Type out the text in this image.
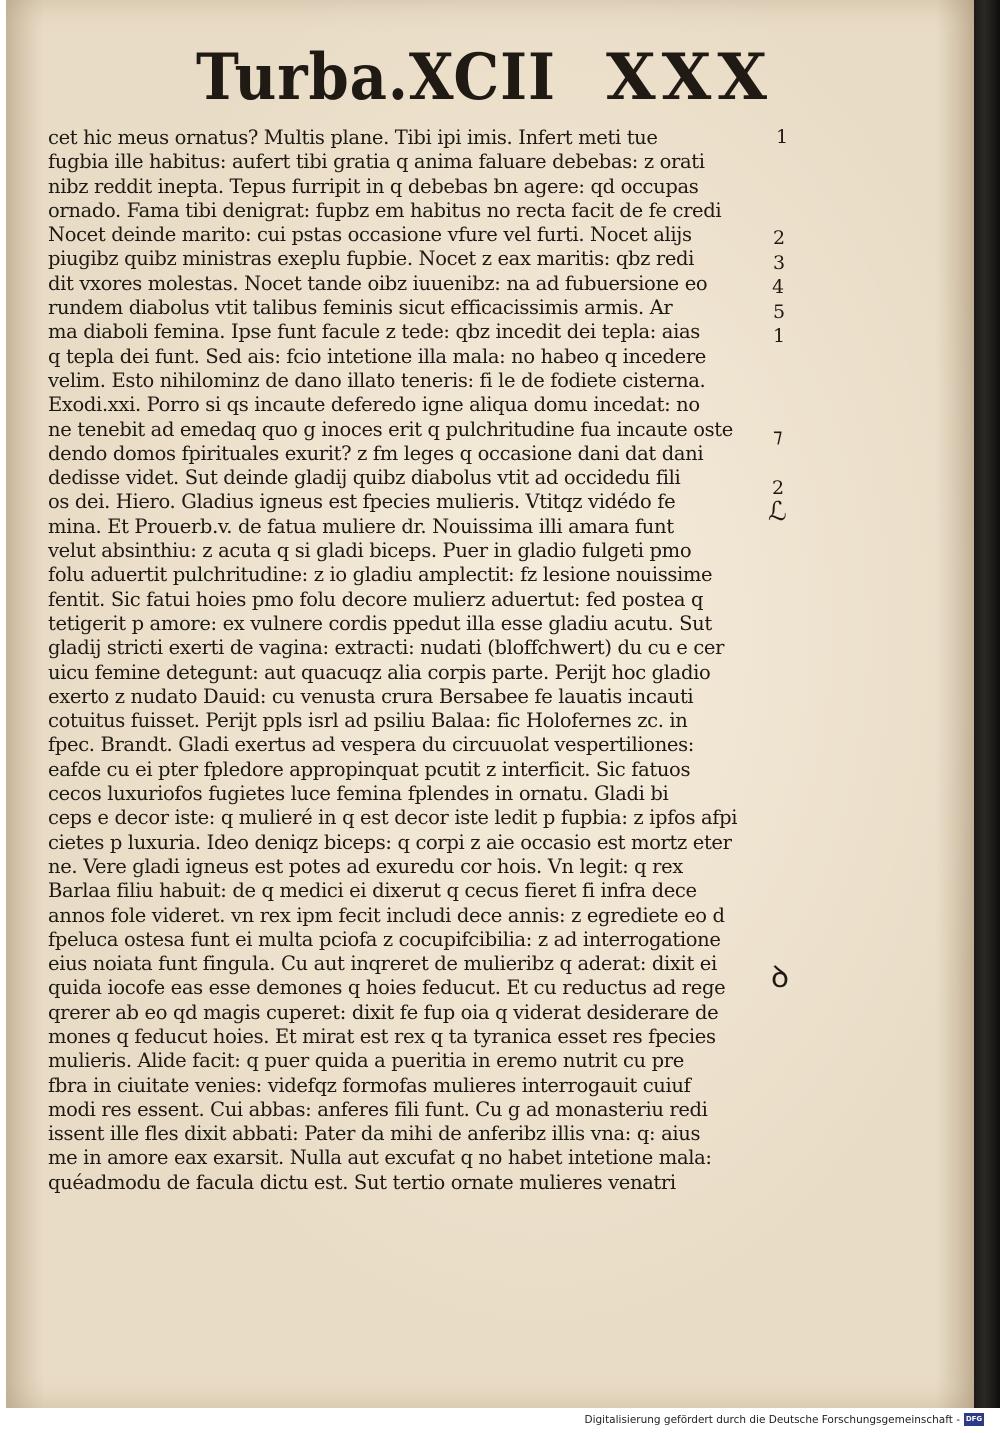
Turba.XCII XXX
cet hic meus ornatus? Multis plane. Tibi ipi imis. Infert meti tue
fugbia ille habitus: aufert tibi gratia q anima faluare debebas: z orati
nibz reddit inepta. Tepus furripit in q debebas bn agere: qd occupas
ornado. Fama tibi denigrat: fupbz em habitus no recta facit de fe credi
Nocet deinde marito: cui pstas occasione vfure vel furti. Nocet alijs
piugibz quibz ministras exeplu fupbie. Nocet z eax maritis: qbz redi
dit vxores molestas. Nocet tande oibz iuuenibz: na ad fubuersione eo
rundem diabolus vtit talibus feminis sicut efficacissimis armis. Ar
ma diaboli femina. Ipse funt facule z tede: qbz incedit dei tepla: aias
q tepla dei funt. Sed ais: fcio intetione illa mala: no habeo q incedere
velim. Esto nihilominz de dano illato teneris: fi le de fodiete cisterna.
Exodi.xxi. Porro si qs incaute deferedo igne aliqua domu incedat: no
ne tenebit ad emedaq quo g inoces erit q pulchritudine fua incaute oste
dendo domos fpirituales exurit? z fm leges q occasione dani dat dani
dedisse videt. Sut deinde gladij quibz diabolus vtit ad occidedu fili
os dei. Hiero. Gladius igneus est fpecies mulieris. Vtitqz vidédo fe
mina. Et Prouerb.v. de fatua muliere dr. Nouissima illi amara funt
velut absinthiu: z acuta q si gladi biceps. Puer in gladio fulgeti pmo
folu aduertit pulchritudine: z io gladiu amplectit: fz lesione nouissime
fentit. Sic fatui hoies pmo folu decore mulierz aduertut: fed postea q
tetigerit p amore: ex vulnere cordis ppedut illa esse gladiu acutu. Sut
gladij stricti exerti de vagina: extracti: nudati (bloffchwert) du cu e cer
uicu femine detegunt: aut quacuqz alia corpis parte. Perijt hoc gladio
exerto z nudato Dauid: cu venusta crura Bersabee fe lauatis incauti
cotuitus fuisset. Perijt ppls isrl ad psiliu Balaa: fic Holofernes zc. in
fpec. Brandt. Gladi exertus ad vespera du circuuolat vespertiliones:
eafde cu ei pter fpledore appropinquat pcutit z interficit. Sic fatuos
cecos luxuriofos fugietes luce femina fplendes in ornatu. Gladi bi
ceps e decor iste: q mulieré in q est decor iste ledit p fupbia: z ipfos afpi
cietes p luxuria. Ideo deniqz biceps: q corpi z aie occasio est mortz eter
ne. Vere gladi igneus est potes ad exuredu cor hois. Vn legit: q rex
Barlaa filiu habuit: de q medici ei dixerut q cecus fieret fi infra dece
annos fole videret. vn rex ipm fecit includi dece annis: z egrediete eo d
fpeluca ostesa funt ei multa pciofa z cocupifcibilia: z ad interrogatione
eius noiata funt fingula. Cu aut inqreret de mulieribz q aderat: dixit ei
quida iocofe eas esse demones q hoies feducut. Et cu reductus ad rege
qrerer ab eo qd magis cuperet: dixit fe fup oia q viderat desiderare de
mones q feducut hoies. Et mirat est rex q ta tyranica esset res fpecies
mulieris. Alide facit: q puer quida a pueritia in eremo nutrit cu pre
fbra in ciuitate venies: videfqz formofas mulieres interrogauit cuiuf
modi res essent. Cui abbas: anferes fili funt. Cu g ad monasteriu redi
issent ille fles dixit abbati: Pater da mihi de anferibz illis vna: q: aius
me in amore eax exarsit. Nulla aut excufat q no habet intetione mala:
quéadmodu de facula dictu est. Sut tertio ornate mulieres venatri
1
2
3
4
5
1
⁊
2
ℒ
ꝺ
Digitalisierung gefördert durch die Deutsche Forschungsgemeinschaft - DFG
